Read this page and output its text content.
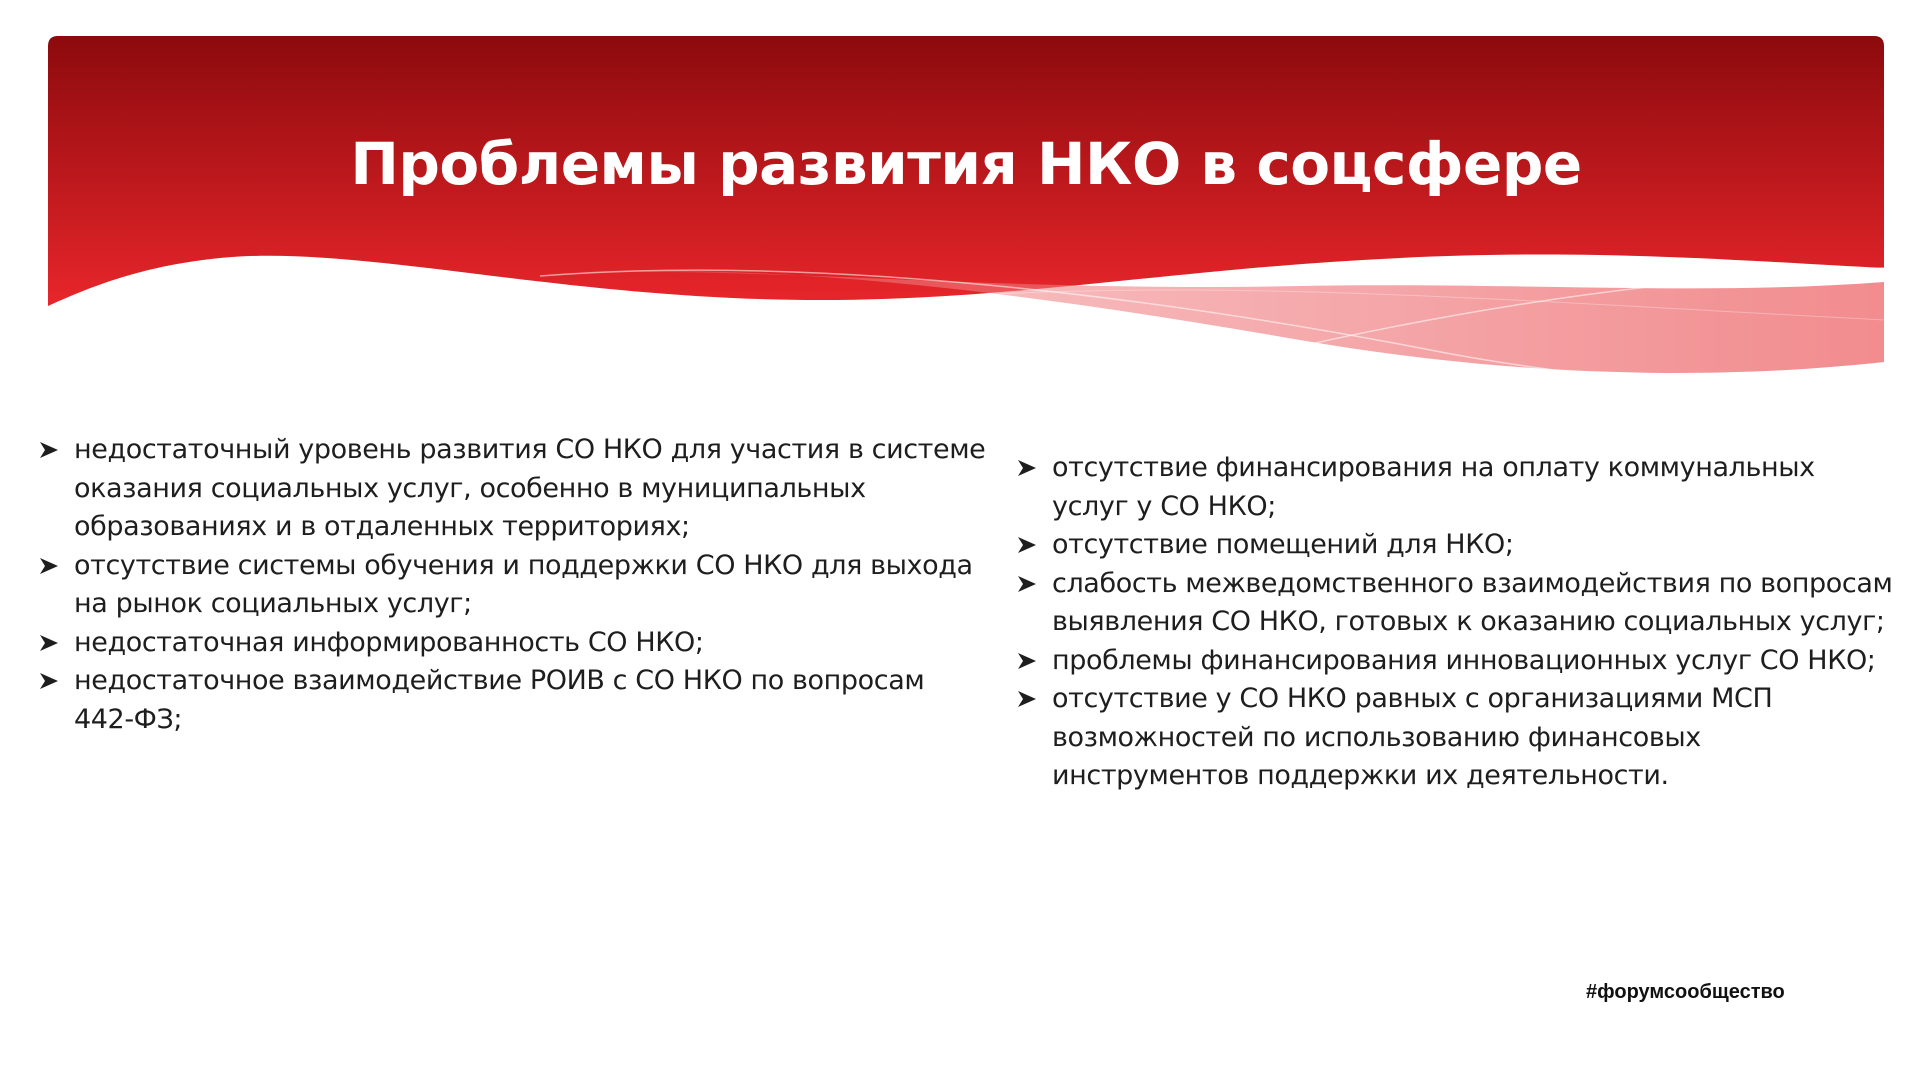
Проблемы развития НКО в соцсфере
недостаточный уровень развития СО НКО для участия в системе оказания социальных услуг, особенно в муниципальных образованиях и в отдаленных территориях;
отсутствие системы обучения и поддержки СО НКО для выхода на рынок социальных услуг;
недостаточная информированность СО НКО;
недостаточное взаимодействие РОИВ с СО НКО по вопросам 442-ФЗ;
отсутствие финансирования на оплату коммунальных услуг у СО НКО;
отсутствие помещений для НКО;
слабость межведомственного взаимодействия по вопросам выявления СО НКО, готовых к оказанию социальных услуг;
проблемы финансирования инновационных услуг СО НКО;
отсутствие у СО НКО равных с организациями МСП возможностей по использованию финансовых инструментов поддержки их деятельности.
#форумсообщество
